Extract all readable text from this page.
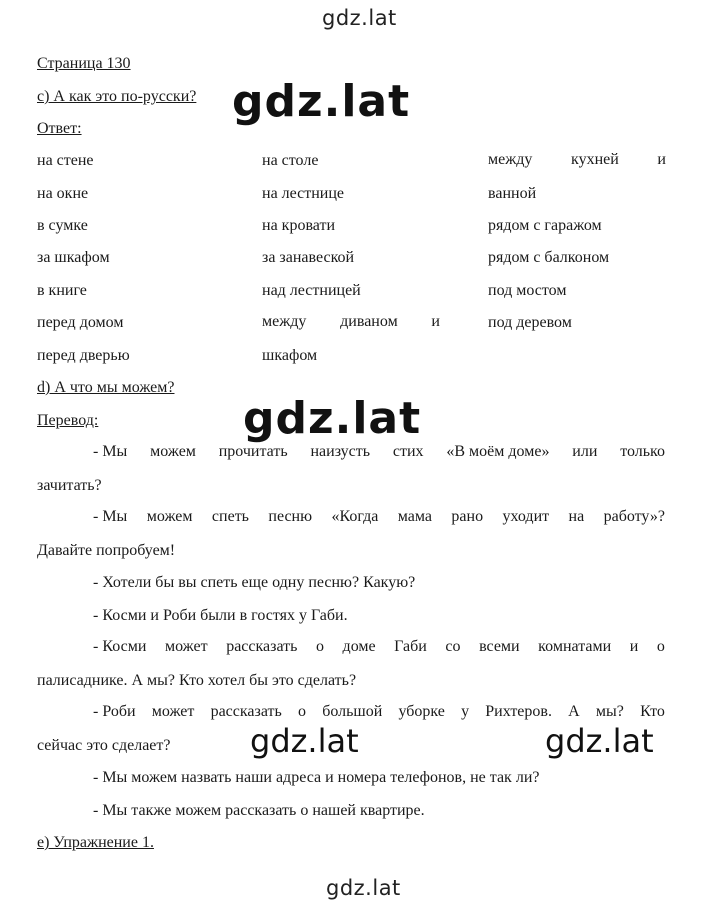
gdz.lat
gdz.lat
Страница 130
c) А как это по-русски? gdz.lat
Ответ:
на стене
на окне
в сумке
за шкафом
в книге
перед домом
перед дверью
на столе
на лестнице
на кровати
за занавеской
над лестницей
между диваном и
шкафом
между кухней и
ванной
рядом с гаражом
рядом с балконом
под мостом
под деревом
d) А что мы можем?
Перевод:	gdz.lat
- Мы можем прочитать наизусть стих «В моём доме» или только
зачитать?
- Мы можем спеть песню «Когда мама рано уходит на работу»?
Давайте попробуем!
- Хотели бы вы спеть еще одну песню? Какую?
- Косми и Роби были в гостях у Габи.
- Косми может рассказать о доме Габи со всеми комнатами и о
палисаднике. А мы? Кто хотел бы это сделать?
- Роби может рассказать о большой уборке у Рихтеров. А мы? Кто
сейчас это сделает? gdz.lat	gdz.lat
- Мы можем назвать наши адреса и номера телефонов, не так ли?
- Мы также можем рассказать о нашей квартире.
e) Упражнение 1.
